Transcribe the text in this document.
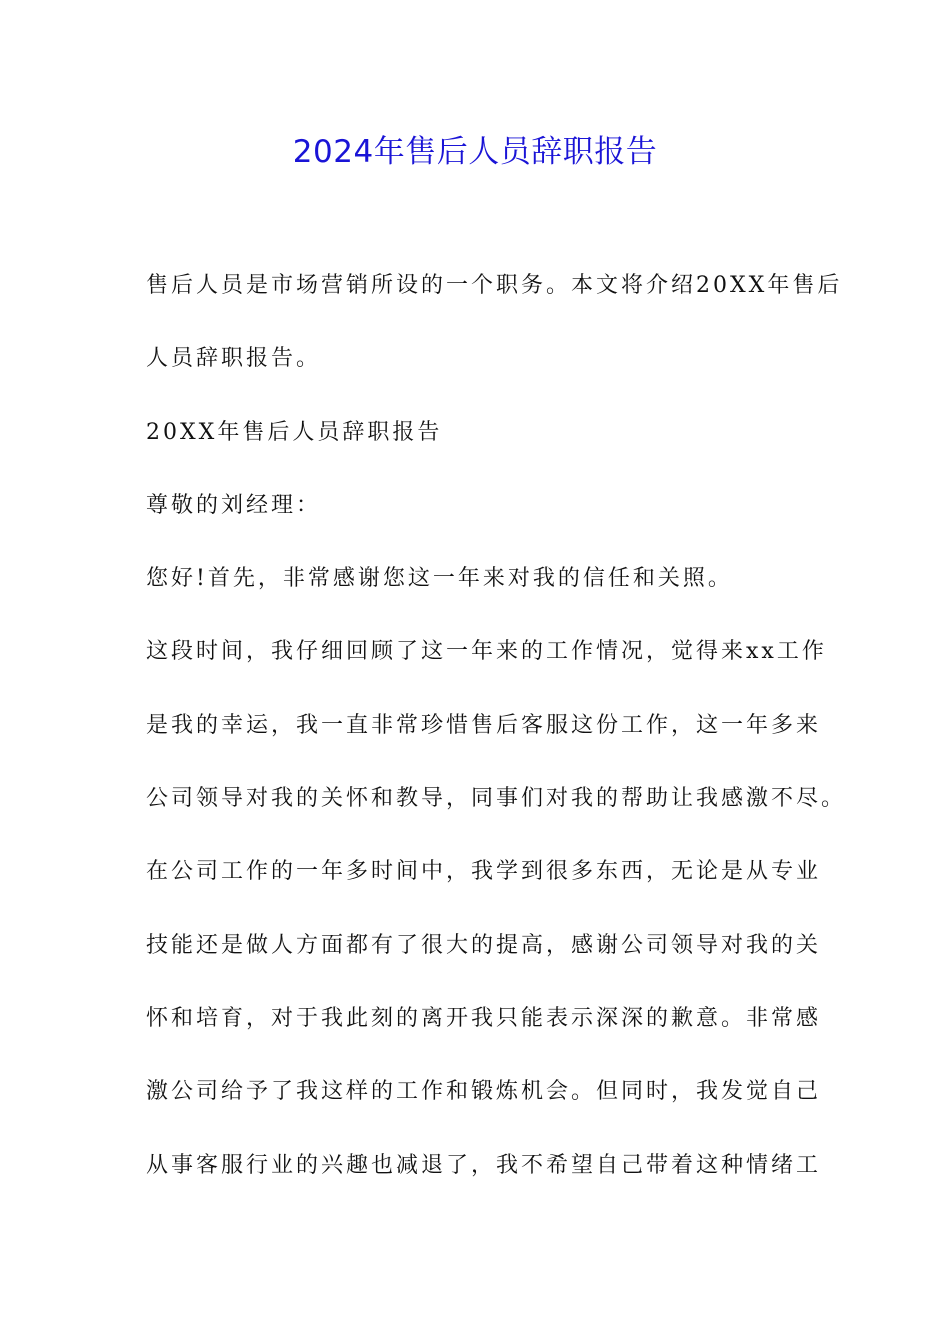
2024年售后人员辞职报告
售后人员是市场营销所设的一个职务。本文将介绍20XX年售后
人员辞职报告。
20XX年售后人员辞职报告
尊敬的刘经理：
您好!首先，非常感谢您这一年来对我的信任和关照。
这段时间，我仔细回顾了这一年来的工作情况，觉得来xx工作
是我的幸运，我一直非常珍惜售后客服这份工作，这一年多来
公司领导对我的关怀和教导，同事们对我的帮助让我感激不尽。
在公司工作的一年多时间中，我学到很多东西，无论是从专业
技能还是做人方面都有了很大的提高，感谢公司领导对我的关
怀和培育，对于我此刻的离开我只能表示深深的歉意。非常感
激公司给予了我这样的工作和锻炼机会。但同时，我发觉自己
从事客服行业的兴趣也减退了，我不希望自己带着这种情绪工
